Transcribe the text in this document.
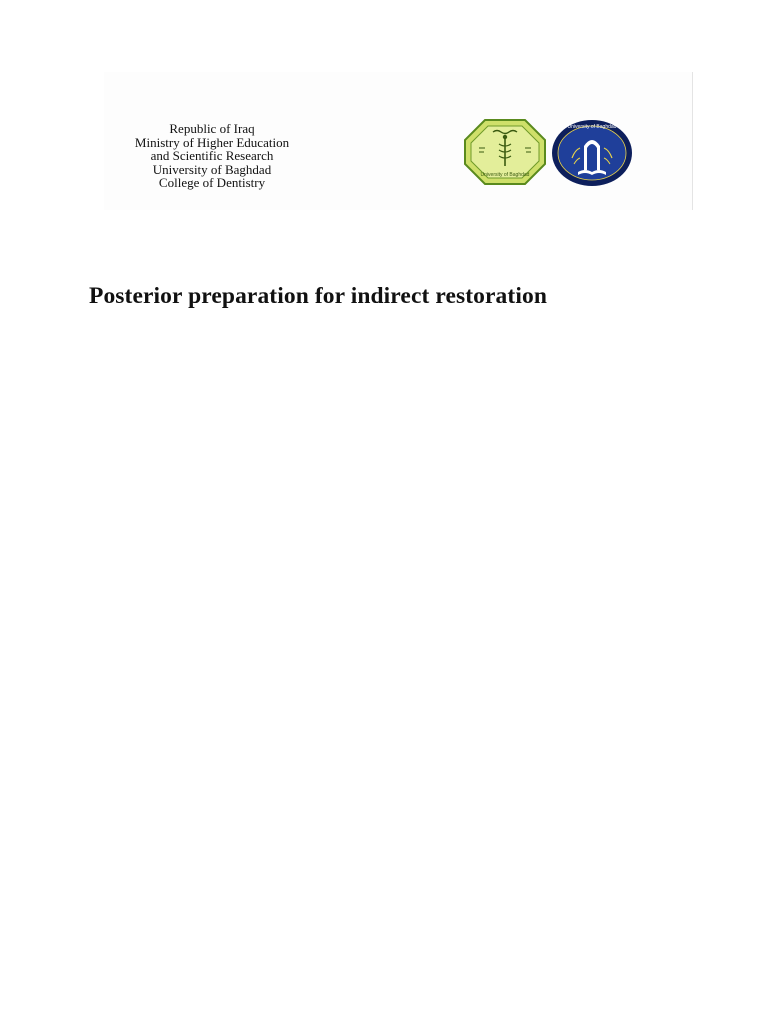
Republic of Iraq
Ministry of Higher Education
and Scientific Research
University of Baghdad
College of Dentistry
University of Baghdad
University of Baghdad
Posterior preparation for indirect restoration
